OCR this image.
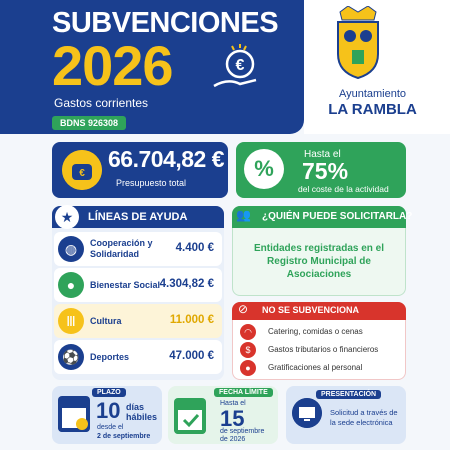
SUBVENCIONES
2026
Gastos corrientes
BDNS 926308
€
Ayuntamiento
LA RAMBLA
€
66.704,82 €
Presupuesto total
%
Hasta el
75%
del coste de la actividad
★	LÍNEAS DE AYUDA
◍	Cooperación y Solidaridad	4.400 €
●	Bienestar Social 4.304,82 €
Ⅲ	Cultura	11.000 €
⚽	Deportes	47.000 €
👥	¿QUIÉN PUEDE SOLICITARLA?
Entidades registradas en el Registro Municipal de Asociaciones
⊘	NO SE SUBVENCIONA
◠	Catering, comidas o cenas
$	Gastos tributarios o financieros
●	Gratificaciones al personal
PLAZO
10 días hábiles
desde el
2 de septiembre
FECHA LÍMITE
Hasta el
15
de septiembre de 2026
PRESENTACIÓN
Solicitud a través de la sede electrónica
